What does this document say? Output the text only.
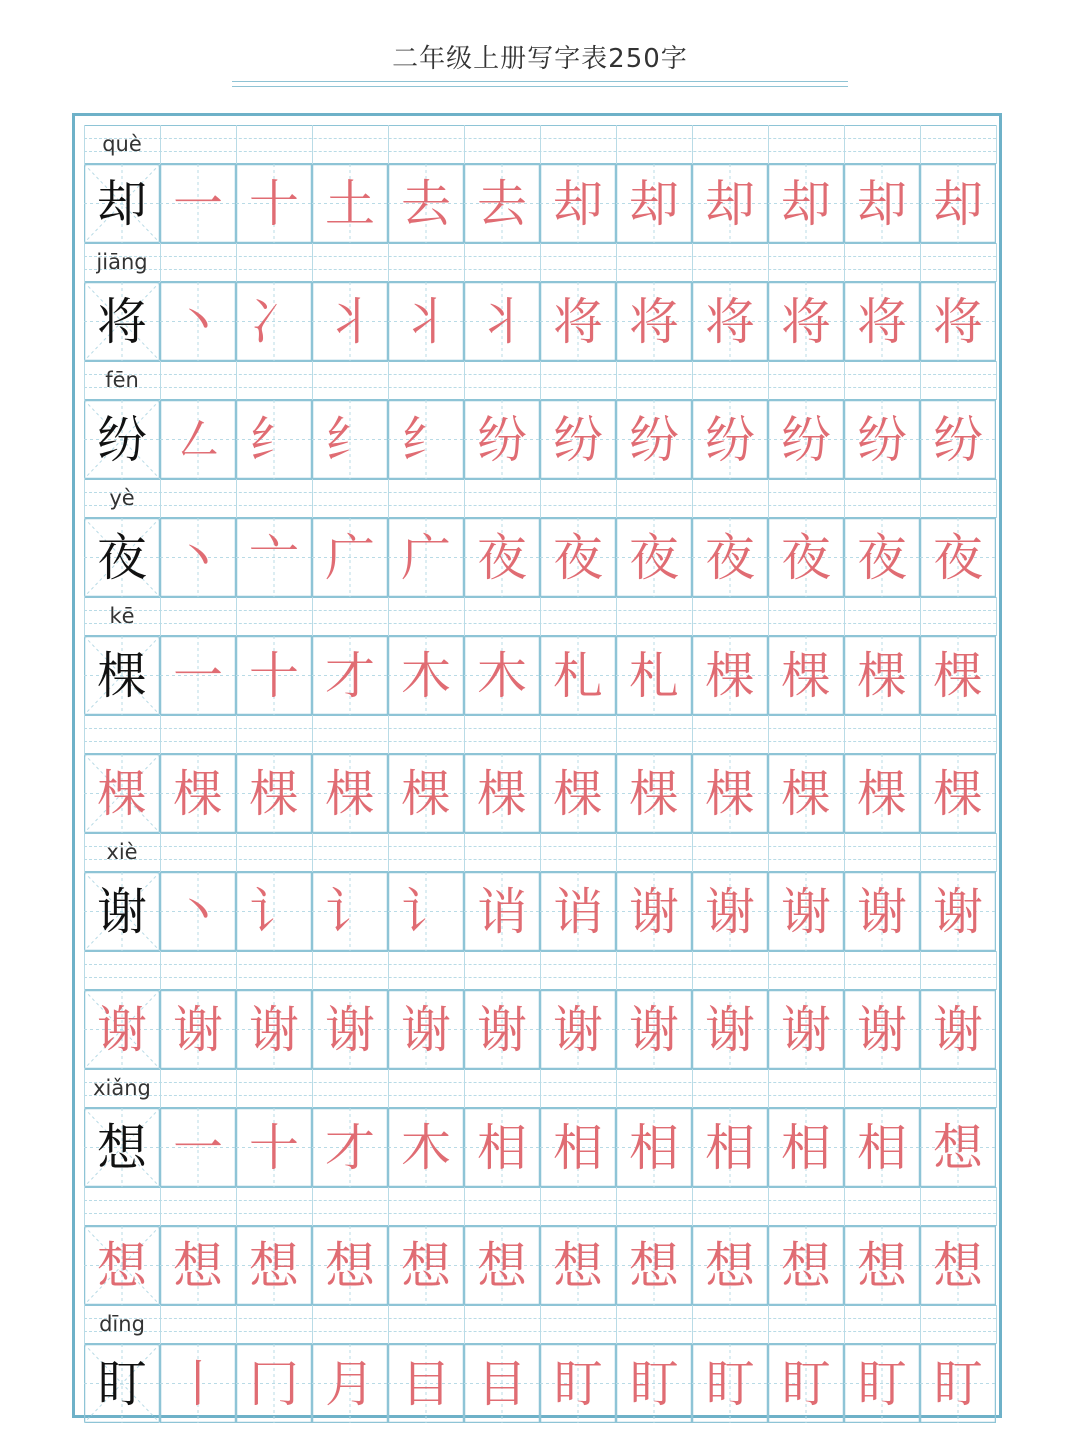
二年级上册写字表250字
què
却 一 十 土 去 去 却 却 却 却 却 却
jiāng
将 丶 冫 丬 丬 丬 将 将 将 将 将 将
fēn
纷 ㇜ 纟 纟 纟 纷 纷 纷 纷 纷 纷 纷
yè
夜 丶 亠 广 广 夜 夜 夜 夜 夜 夜 夜
kē
棵 一 十 才 木 木 札 札 棵 棵 棵 棵
棵 棵 棵 棵 棵 棵 棵 棵 棵 棵 棵 棵
xiè
谢 丶 讠 讠 讠 诮 诮 谢 谢 谢 谢 谢
谢 谢 谢 谢 谢 谢 谢 谢 谢 谢 谢 谢
xiǎng
想 一 十 才 木 相 相 相 相 相 相 想
想 想 想 想 想 想 想 想 想 想 想 想
dīng
盯 丨 冂 月 目 目 盯 盯 盯 盯 盯 盯
